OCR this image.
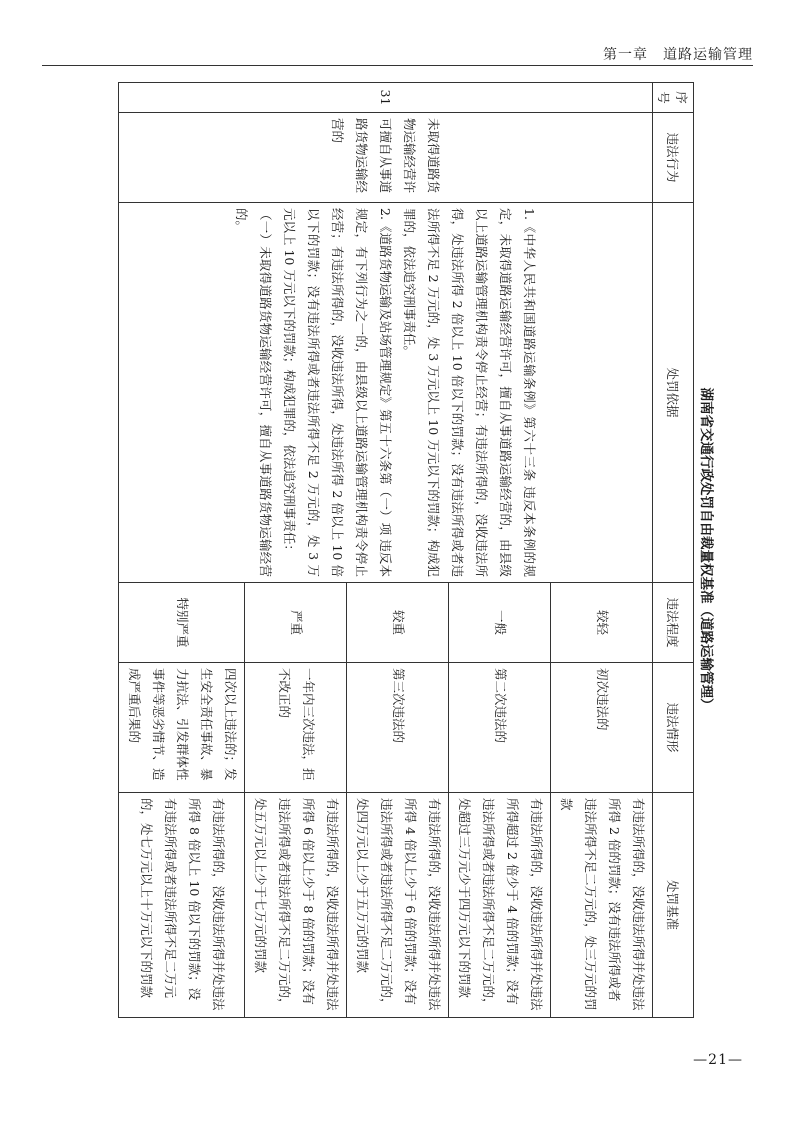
第一章　道路运输管理
湖南省交通行政处罚自由裁量权基准（道路运输管理）
序号	违法行为	处罚依据	违法程度	违法情形	处罚基准
31	未取得道路货物运输经营许可擅自从事道路货物运输经营的	1.《中华人民共和国道路运输条例》第六十三条 违反本条例的规定，未取得道路运输经营许可，擅自从事道路运输经营的，由县级以上道路运输管理机构责令停止经营；有违法所得的，没收违法所得，处违法所得 2 倍以上 10 倍以下的罚款；没有违法所得或者违法所得不足 2 万元的，处 3 万元以上 10 万元以下的罚款；构成犯罪的，依法追究刑事责任。

2.《道路货物运输及站场管理规定》第五十六条第（一）项 违反本规定，有下列行为之一的，由县级以上道路运输管理机构责令停止经营；有违法所得的，没收违法所得，处违法所得 2 倍以上 10 倍以下的罚款；没有违法所得或者违法所得不足 2 万元的，处 3 万元以上 10 万元以下的罚款；构成犯罪的，依法追究刑事责任：

（一）未取得道路货物运输经营许可，擅自从事道路货物运输经营的。	较轻	初次违法的	有违法所得的，没收违法所得并处违法所得 2 倍的罚款；没有违法所得或者违法所得不足二万元的，处三万元的罚款
			一般	第二次违法的	有违法所得的，没收违法所得并处违法所得超过 2 倍少于 4 倍的罚款；没有违法所得或者违法所得不足二万元的，处超过三万元少于四万元以下的罚款
			较重	第三次违法的	有违法所得的，没收违法所得并处违法所得 4 倍以上少于 6 倍的罚款；没有违法所得或者违法所得不足二万元的，处四万元以上少于五万元的罚款
			严重	一年内三次违法，拒不改正的	有违法所得的，没收违法所得并处违法所得 6 倍以上少于 8 倍的罚款；没有违法所得或者违法所得不足二万元的，处五万元以上少于七万元的罚款
			特别严重	四次以上违法的；发生安全责任事故、暴力抗法、引发群体性事件等恶劣情节、造成严重后果的	有违法所得的，没收违法所得并处违法所得 8 倍以上 10 倍以下的罚款；没有违法所得或者违法所得不足二万元的，处七万元以上十万元以下的罚款
—21—
